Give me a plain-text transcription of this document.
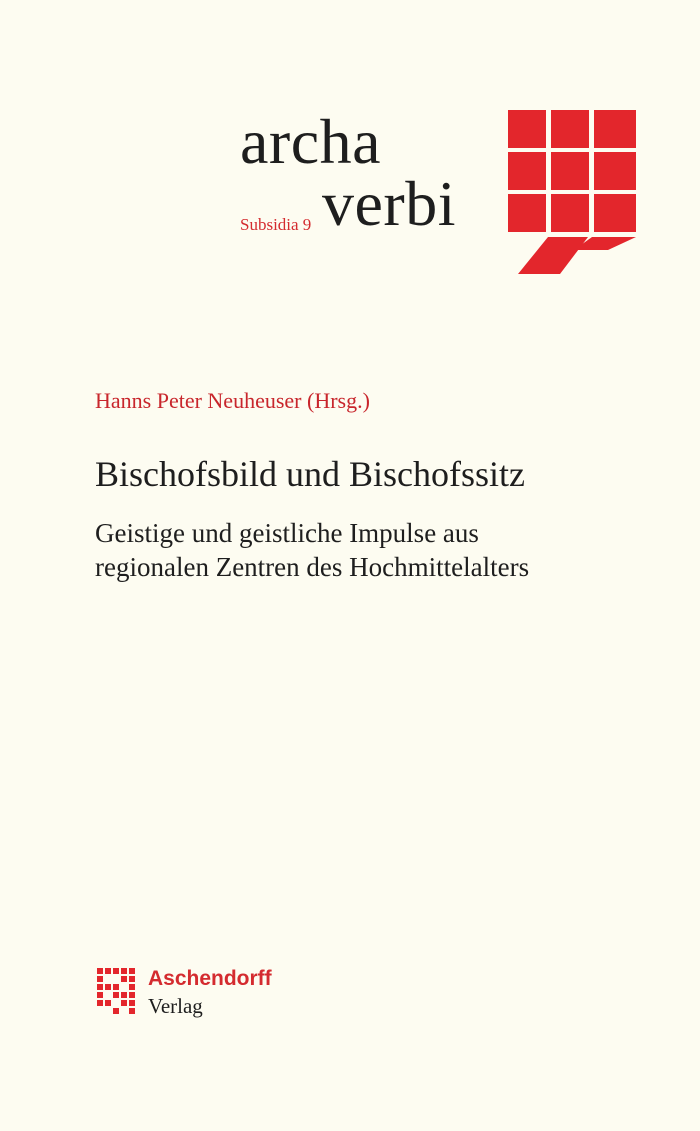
archa
verbi
Subsidia 9
Hanns Peter Neuheuser (Hrsg.)
Bischofsbild und Bischofssitz
Geistige und geistliche Impulse aus
regionalen Zentren des Hochmittelalters
Aschendorff
Verlag
